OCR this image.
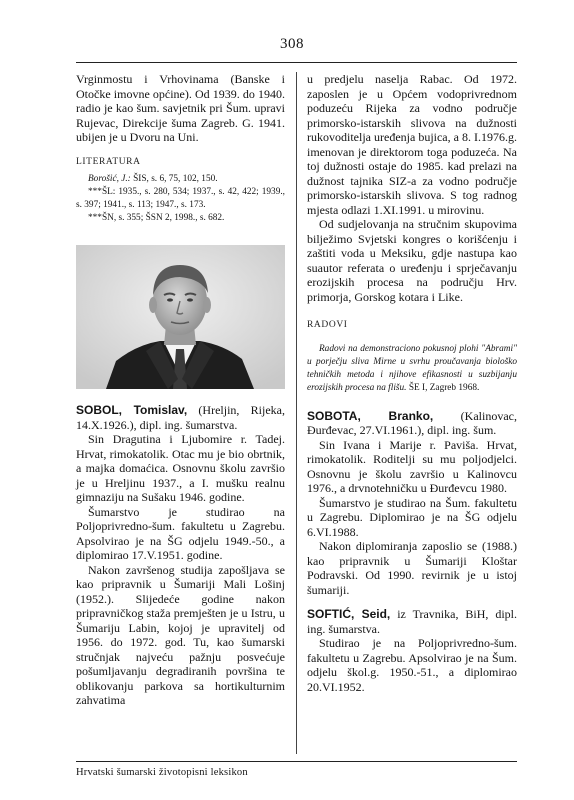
308

Vrginmostu i Vrhovinama (Banske i Otočke imovne općine). Od 1939. do 1940. radio je kao šum. savjetnik pri Šum. upravi Rujevac, Direkcije šuma Zagreb. G. 1941. ubijen je u Dvoru na Uni.

LITERATURA

Borošić, J.: ŠIS, s. 6, 75, 102, 150.

***ŠL: 1935., s. 280, 534; 1937., s. 42, 422; 1939., s. 397; 1941., s. 113; 1947., s. 173.

***ŠN, s. 355; ŠSN 2, 1998., s. 682.

SOBOL, Tomislav, (Hreljin, Rijeka, 14.X.1926.), dipl. ing. šumarstva.

Sin Dragutina i Ljubomire r. Tadej. Hrvat, rimokatolik. Otac mu je bio obrtnik, a majka domaćica. Osnovnu školu završio je u Hreljinu 1937., a I. mušku realnu gimnaziju na Sušaku 1946. godine.

Šumarstvo je studirao na Poljoprivredno-šum. fakultetu u Zagrebu. Apsolvirao je na ŠG odjelu 1949.-50., a diplomirao 17.V.1951. godine.

Nakon završenog studija zapošljava se kao pripravnik u Šumariji Mali Lošinj (1952.). Slijedeće godine nakon pripravničkog staža premješten je u Istru, u Šumariju Labin, kojoj je upravitelj od 1956. do 1972. god. Tu, kao šumarski stručnjak najveću pažnju posvećuje pošumljavanju degradiranih površina te oblikovanju parkova sa hortikulturnim zahvatima

u predjelu naselja Rabac. Od 1972. zaposlen je u Općem vodoprivrednom poduzeću Rijeka za vodno područje primorsko-istarskih slivova na dužnosti rukovoditelja uređenja bujica, a 8. I.1976.g. imenovan je direktorom toga poduzeća. Na toj dužnosti ostaje do 1985. kad prelazi na dužnost tajnika SIZ-a za vodno područje primorsko-istarskih slivova. S tog radnog mjesta odlazi 1.XI.1991. u mirovinu.

Od sudjelovanja na stručnim skupovima bilježimo Svjetski kongres o korišćenju i zaštiti voda u Meksiku, gdje nastupa kao suautor referata o uređenju i sprječavanju erozijskih procesa na području Hrv. primorja, Gorskog kotara i Like.

RADOVI

Radovi na demonstraciono pokusnoj plohi "Abrami" u porječju sliva Mirne u svrhu proučavanja biološko tehničkih metoda i njihove efikasnosti u suzbijanju erozijskih procesa na flišu. ŠE I, Zagreb 1968.

SOBOTA, Branko, (Kalinovac, Đurđevac, 27.VI.1961.), dipl. ing. šum.

Sin Ivana i Marije r. Paviša. Hrvat, rimokatolik. Roditelji su mu poljodjelci. Osnovnu je školu završio u Kalinovcu 1976., a drvnotehničku u Đurđevcu 1980.

Šumarstvo je studirao na Šum. fakultetu u Zagrebu. Diplomirao je na ŠG odjelu 6.VI.1988.

Nakon diplomiranja zaposlio se (1988.) kao pripravnik u Šumariji Kloštar Podravski. Od 1990. revirnik je u istoj šumariji.

SOFTIĆ, Seid, iz Travnika, BiH, dipl. ing. šumarstva.

Studirao je na Poljoprivredno-šum. fakultetu u Zagrebu. Apsolvirao je na Šum. odjelu škol.g. 1950.-51., a diplomirao 20.VI.1952.

Hrvatski šumarski životopisni leksikon
